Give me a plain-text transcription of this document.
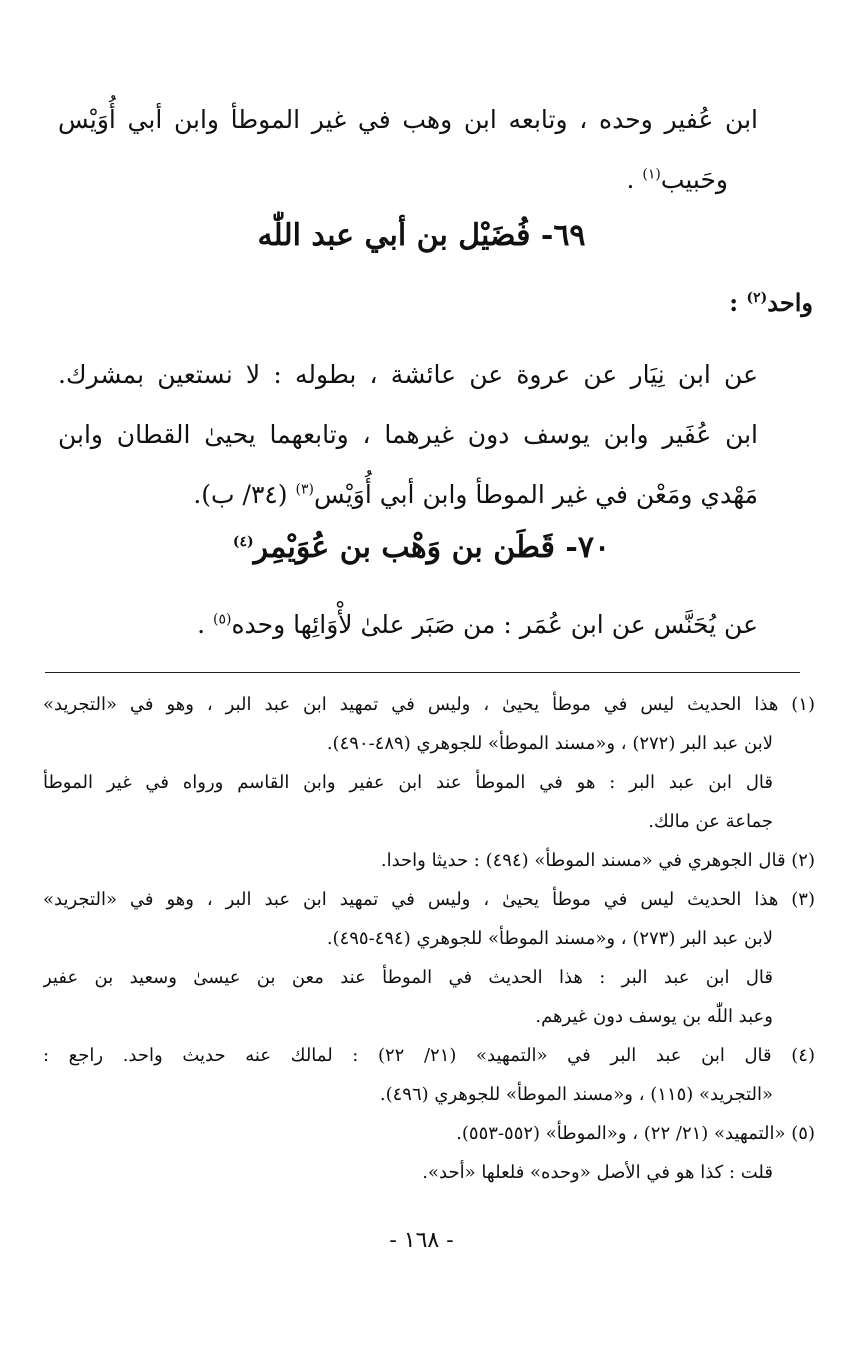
ابن عُفير وحده ، وتابعه ابن وهب في غير الموطأ وابن أبي أُوَيْس
وحَبيب$^{(١)}$ .
٦٩- فُضَيْل بن أبي عبد اللّٰه
واحد$^{(٢)}$ :
عن ابن نِيَار عن عروة عن عائشة ، بطوله : لا نستعين بمشرك.
ابن عُفَير وابن يوسف دون غيرهما ، وتابعهما يحيىٰ القطان وابن
مَهْدي ومَعْن في غير الموطأ وابن أبي أُوَيْس$^{(٣)}$ (٣٤/ ب).
٧٠- قَطَن بن وَهْب بن عُوَيْمِر$^{(٤)}$
عن يُحَنَّس عن ابن عُمَر : من صَبَر علىٰ لأْوَائِها وحده$^{(٥)}$ .
(١) هذا الحديث ليس في موطأ يحيىٰ ، وليس في تمهيد ابن عبد البر ، وهو في «التجريد»
لابن عبد البر (٢٧٢) ، و«مسند الموطأ» للجوهري (٤٨٩-٤٩٠).
قال ابن عبد البر : هو في الموطأ عند ابن عفير وابن القاسم ورواه في غير الموطأ
جماعة عن مالك.
(٢) قال الجوهري في «مسند الموطأ» (٤٩٤) : حديثا واحدا.
(٣) هذا الحديث ليس في موطأ يحيىٰ ، وليس في تمهيد ابن عبد البر ، وهو في «التجريد»
لابن عبد البر (٢٧٣) ، و«مسند الموطأ» للجوهري (٤٩٤-٤٩٥).
قال ابن عبد البر : هذا الحديث في الموطأ عند معن بن عيسىٰ وسعيد بن عفير
وعبد اللّٰه بن يوسف دون غيرهم.
(٤) قال ابن عبد البر في «التمهيد» (٢١/ ٢٢) : لمالك عنه حديث واحد. راجع :
«التجريد» (١١٥) ، و«مسند الموطأ» للجوهري (٤٩٦).
(٥) «التمهيد» (٢١/ ٢٢) ، و«الموطأ» (٥٥٢-٥٥٣).
قلت : كذا هو في الأصل «وحده» فلعلها «أحد».
- ١٦٨ -
